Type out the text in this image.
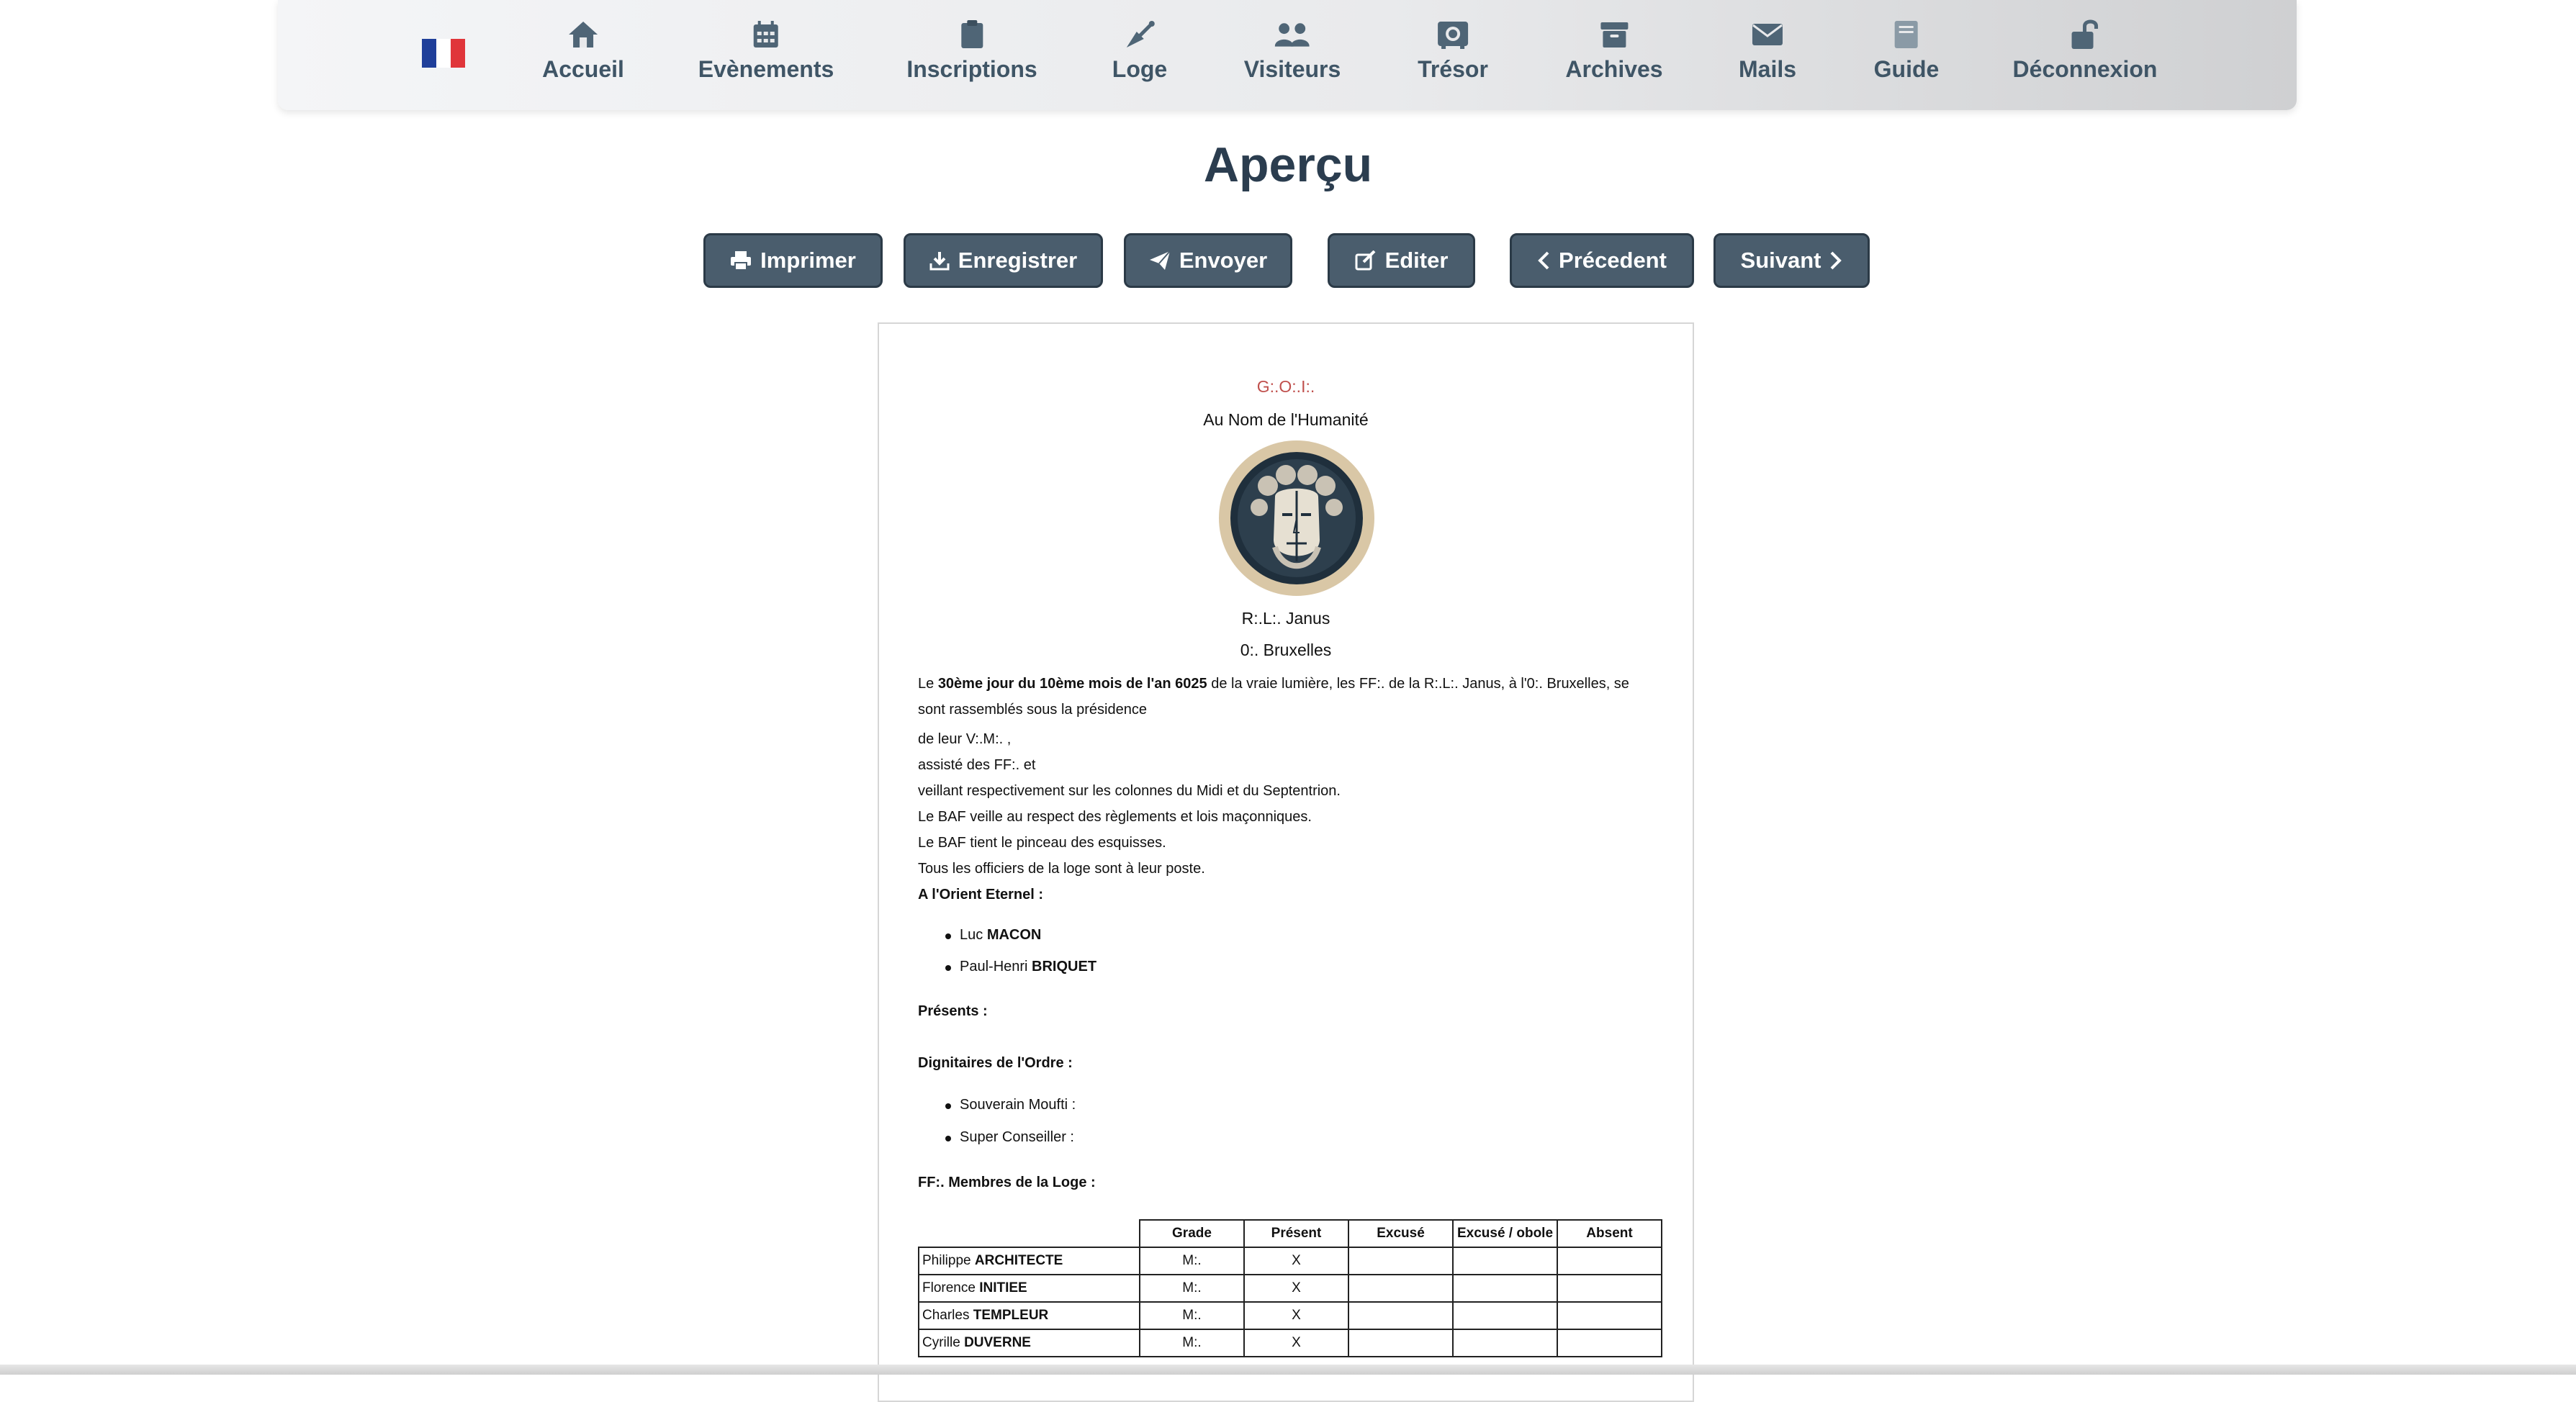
Accueil	Evènements	Inscriptions	Loge	Visiteurs	Trésor	Archives	Mails	Guide	Déconnexion
Aperçu
Imprimer	Enregistrer	Envoyer	Editer	Précedent	Suivant
G:.O:.I:.
Au Nom de l'Humanité
R:.L:. Janus
0:. Bruxelles
Le 30ème jour du 10ème mois de l'an 6025 de la vraie lumière, les FF:. de la R:.L:. Janus, à l'0:. Bruxelles, se sont rassemblés sous la présidence
de leur V:.M:. ,
assisté des FF:. et
veillant respectivement sur les colonnes du Midi et du Septentrion.
Le BAF veille au respect des règlements et lois maçonniques.
Le BAF tient le pinceau des esquisses.
Tous les officiers de la loge sont à leur poste.
A l'Orient Eternel :
Luc MACON
Paul-Henri BRIQUET
Présents :
Dignitaires de l'Ordre :
Souverain Moufti :
Super Conseiller :
FF:. Membres de la Loge :
	Grade	Présent	Excusé	Excusé / obole	Absent
Philippe ARCHITECTE	M:.	X			
Florence INITIEE	M:.	X			
Charles TEMPLEUR	M:.	X			
Cyrille DUVERNE	M:.	X			
